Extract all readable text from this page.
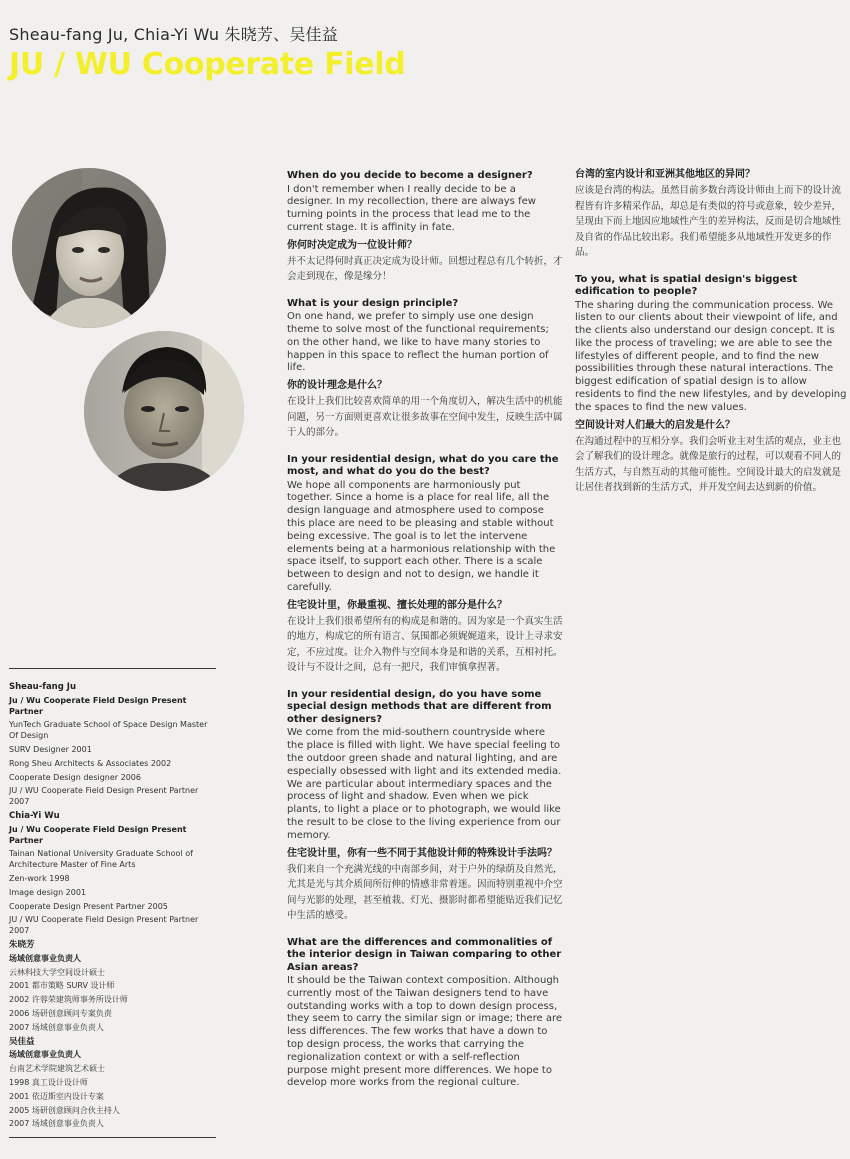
Sheau-fang Ju, Chia-Yi Wu 朱晓芳、吴佳益
JU / WU Cooperate Field
Sheau-fang Ju
Ju / Wu Cooperate Field Design Present Partner
YunTech Graduate School of Space Design Master Of Design
SURV Designer 2001
Rong Sheu Architects & Associates 2002
Cooperate Design designer 2006
JU / WU Cooperate Field Design Present Partner 2007
Chia-Yi Wu
Ju / Wu Cooperate Field Design Present Partner
Tainan National University Graduate School of Architecture Master of Fine Arts
Zen-work 1998
Image design 2001
Cooperate Design Present Partner 2005
JU / WU Cooperate Field Design Present Partner 2007
朱晓芳
场域创意事业负责人
云林科技大学空间设计硕士
2001 都市策略 SURV 设计师
2002 许蓉荣建筑师事务所设计师
2006 场研创意顾问专案负责
2007 场域创意事业负责人
吴佳益
场域创意事业负责人
台南艺术学院建筑艺术硕士
1998 真工设计设计师
2001 依迈斯室内设计专案
2005 场研创意顾问合伙主持人
2007 场域创意事业负责人
When do you decide to become a designer?
I don't remember when I really decide to be a designer. In my recollection, there are always few turning points in the process that lead me to the current stage. It is affinity in fate.
你何时决定成为一位设计师？
并不太记得何时真正决定成为设计师。回想过程总有几个转折，才会走到现在，像是缘分！
What is your design principle?
On one hand, we prefer to simply use one design theme to solve most of the functional requirements; on the other hand, we like to have many stories to happen in this space to reflect the human portion of life.
你的设计理念是什么？
在设计上我们比较喜欢简单的用一个角度切入，解决生活中的机能问题，另一方面则更喜欢让很多故事在空间中发生，反映生活中属于人的部分。
In your residential design, what do you care the most, and what do you do the best?
We hope all components are harmoniously put together. Since a home is a place for real life, all the design language and atmosphere used to compose this place are need to be pleasing and stable without being excessive. The goal is to let the intervene elements being at a harmonious relationship with the space itself, to support each other. There is a scale between to design and not to design, we handle it carefully.
住宅设计里，你最重视、擅长处理的部分是什么？
在设计上我们很希望所有的构成是和谐的。因为家是一个真实生活的地方，构成它的所有语言、氛围都必须娓娓道来，设计上寻求安定，不应过度。让介入物件与空间本身是和谐的关系，互相衬托。设计与不设计之间，总有一把尺，我们审慎拿捏著。
In your residential design, do you have some special design methods that are different from other designers?
We come from the mid-southern countryside where the place is filled with light. We have special feeling to the outdoor green shade and natural lighting, and are especially obsessed with light and its extended media. We are particular about intermediary spaces and the process of light and shadow. Even when we pick plants, to light a place or to photograph, we would like the result to be close to the living experience from our memory.
住宅设计里，你有一些不同于其他设计师的特殊设计手法吗？
我们来自一个充满光线的中南部乡间，对于户外的绿荫及自然光，尤其是光与其介质间所衍伸的情感非常着迷。因而特别重视中介空间与光影的处理，甚至植栽、灯光、摄影时都希望能贴近我们记忆中生活的感受。
What are the differences and commonalities of the interior design in Taiwan comparing to other Asian areas?
It should be the Taiwan context composition. Although currently most of the Taiwan designers tend to have outstanding works with a top to down design process, they seem to carry the similar sign or image; there are less differences. The few works that have a down to top design process, the works that carrying the regionalization context or with a self-reflection purpose might present more differences. We hope to develop more works from the regional culture.
台湾的室内设计和亚洲其他地区的异同？
应该是台湾的构法。虽然目前多数台湾设计师由上而下的设计流程皆有许多精采作品，却总是有类似的符号或意象，较少差异，呈现由下而上地因应地域性产生的差异构法，反而是切合地域性及自省的作品比较出彩。我们希望能多从地域性开发更多的作品。
To you, what is spatial design's biggest edification to people?
The sharing during the communication process. We listen to our clients about their viewpoint of life, and the clients also understand our design concept. It is like the process of traveling; we are able to see the lifestyles of different people, and to find the new possibilities through these natural interactions. The biggest edification of spatial design is to allow residents to find the new lifestyles, and by developing the spaces to find the new values.
空间设计对人们最大的启发是什么？
在沟通过程中的互相分享。我们会听业主对生活的观点，业主也会了解我们的设计理念。就像是旅行的过程，可以观看不同人的生活方式，与自然互动的其他可能性。空间设计最大的启发就是让居住者找到新的生活方式，并开发空间去达到新的价值。
